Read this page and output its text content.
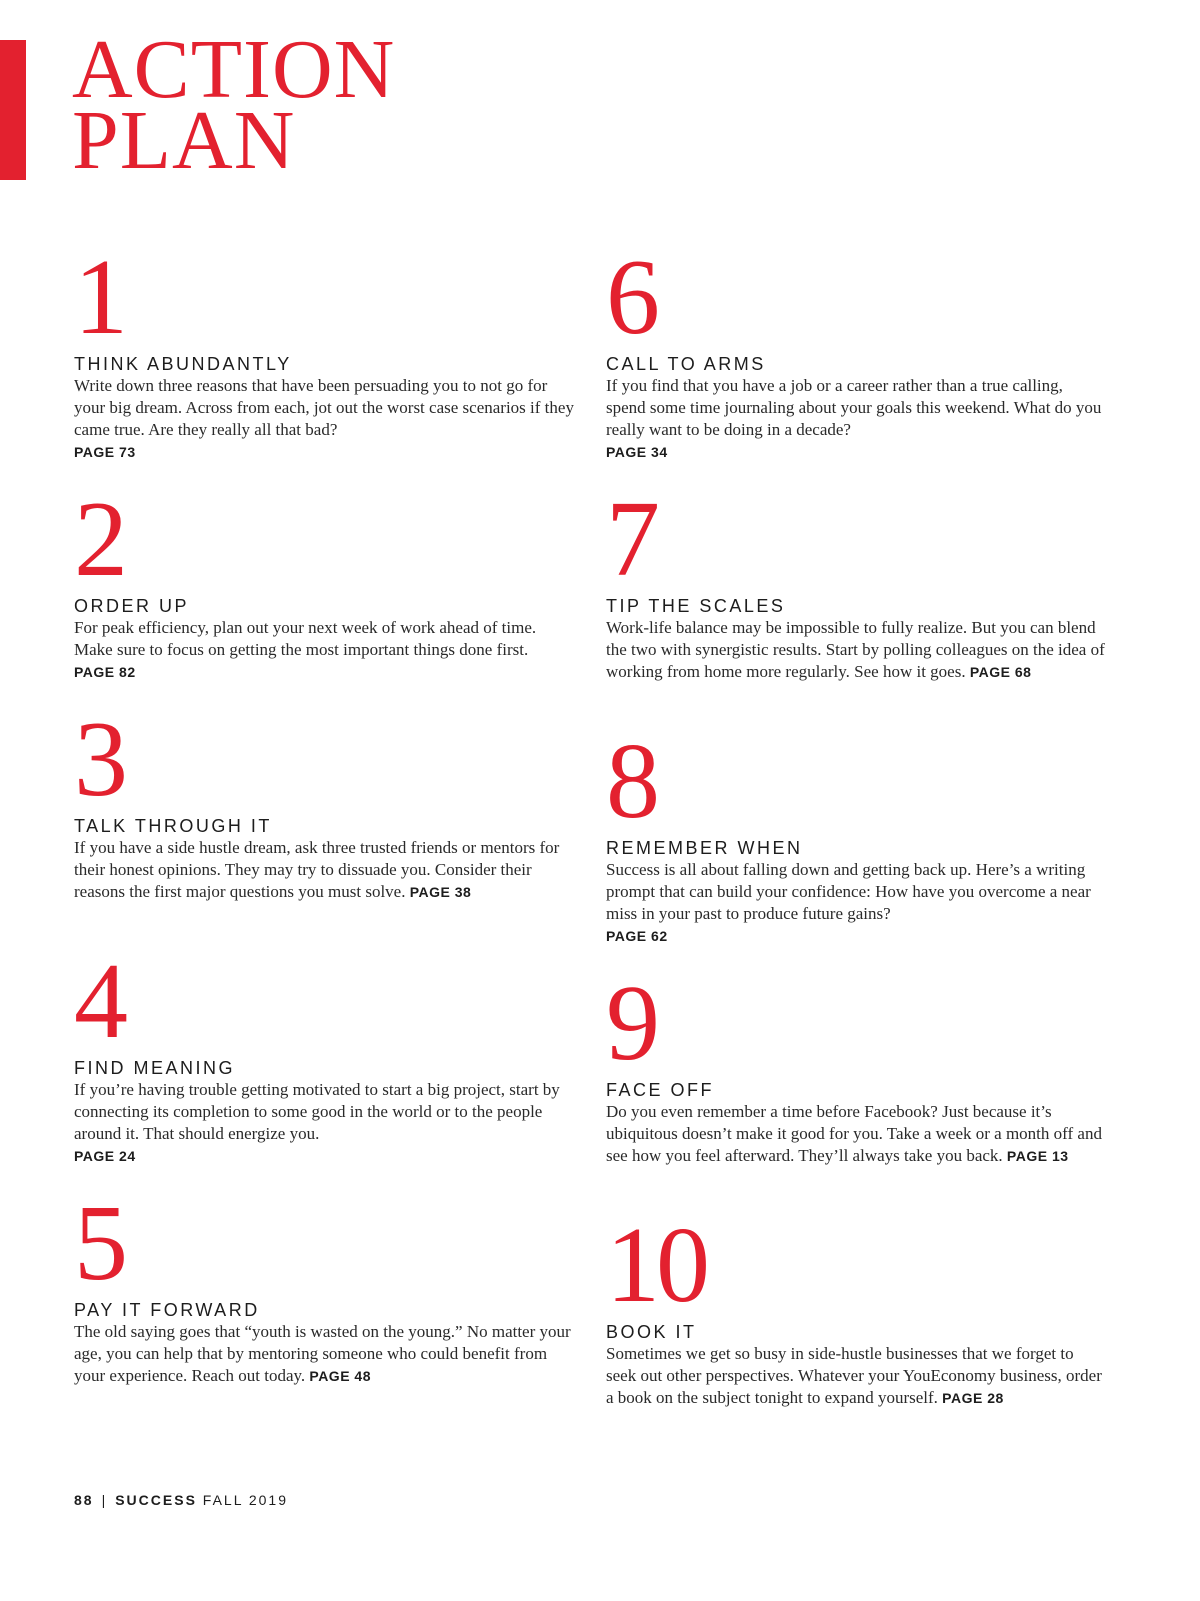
ACTION
PLAN
1
THINK ABUNDANTLY

Write down three reasons that have been persuading you to not go for your big dream. Across from each, jot out the worst case scenarios if they came true. Are they really all that bad?
PAGE 73

2
ORDER UP

For peak efficiency, plan out your next week of work ahead of time. Make sure to focus on getting the most important things done first. PAGE 82

3
TALK THROUGH IT

If you have a side hustle dream, ask three trusted friends or mentors for their honest opinions. They may try to dissuade you. Consider their reasons the first major questions you must solve. PAGE 38

4
FIND MEANING

If you’re having trouble getting motivated to start a big project, start by connecting its completion to some good in the world or to the people around it. That should energize you.
PAGE 24

5
PAY IT FORWARD

The old saying goes that “youth is wasted on the young.” No matter your age, you can help that by mentoring someone who could benefit from your experience. Reach out today. PAGE 48

6
CALL TO ARMS

If you find that you have a job or a career rather than a true calling, spend some time journaling about your goals this weekend. What do you really want to be doing in a decade?
PAGE 34

7
TIP THE SCALES

Work-life balance may be impossible to fully realize. But you can blend the two with synergistic results. Start by polling colleagues on the idea of working from home more regularly. See how it goes. PAGE 68

8
REMEMBER WHEN

Success is all about falling down and getting back up. Here’s a writing prompt that can build your confidence: How have you overcome a near miss in your past to produce future gains?
PAGE 62

9
FACE OFF

Do you even remember a time before Facebook? Just because it’s ubiquitous doesn’t make it good for you. Take a week or a month off and see how you feel afterward. They’ll always take you back. PAGE 13

10
BOOK IT

Sometimes we get so busy in side-hustle businesses that we forget to seek out other perspectives. Whatever your YouEconomy business, order a book on the subject tonight to expand yourself. PAGE 28

88 | SUCCESS FALL 2019
